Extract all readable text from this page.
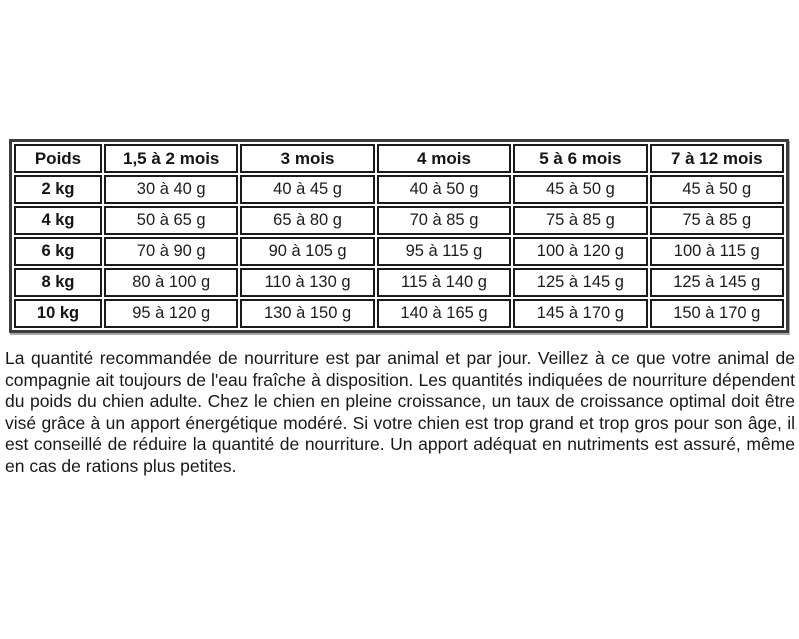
Poids	1,5 à 2 mois	3 mois	4 mois	5 à 6 mois	7 à 12 mois
2 kg	30 à 40 g	40 à 45 g	40 à 50 g	45 à 50 g	45 à 50 g
4 kg	50 à 65 g	65 à 80 g	70 à 85 g	75 à 85 g	75 à 85 g
6 kg	70 à 90 g	90 à 105 g	95 à 115 g	100 à 120 g	100 à 115 g
8 kg	80 à 100 g	110 à 130 g	115 à 140 g	125 à 145 g	125 à 145 g
10 kg	95 à 120 g	130 à 150 g	140 à 165 g	145 à 170 g	150 à 170 g

La quantité recommandée de nourriture est par animal et par jour. Veillez à ce que votre animal de compagnie ait toujours de l'eau fraîche à disposition. Les quantités indiquées de nourriture dépendent du poids du chien adulte. Chez le chien en pleine croissance, un taux de croissance optimal doit être visé grâce à un apport énergétique modéré. Si votre chien est trop grand et trop gros pour son âge, il est conseillé de réduire la quantité de nourriture. Un apport adéquat en nutriments est assuré, même en cas de rations plus petites.
